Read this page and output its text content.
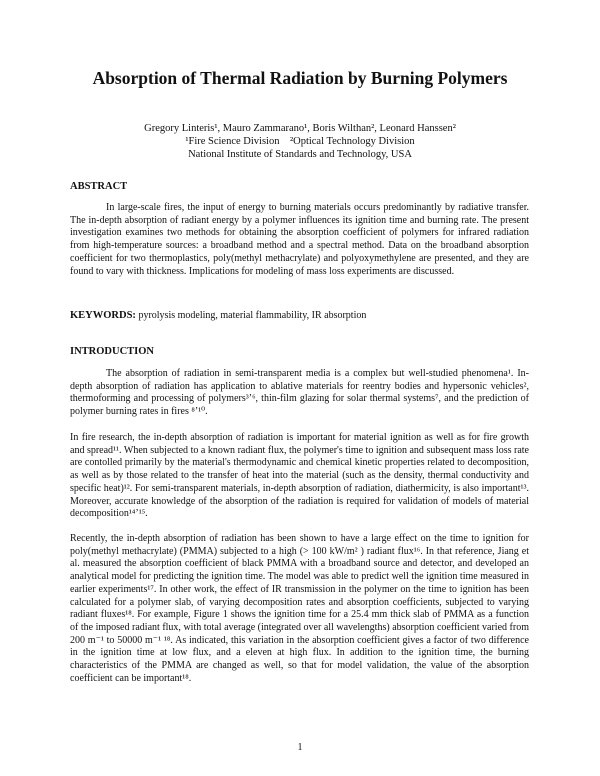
Absorption of Thermal Radiation by Burning Polymers
Gregory Linteris¹, Mauro Zammarano¹, Boris Wilthan², Leonard Hanssen²
¹Fire Science Division    ²Optical Technology Division
National Institute of Standards and Technology, USA
ABSTRACT

In large-scale fires, the input of energy to burning materials occurs predominantly by radiative transfer. The in-depth absorption of radiant energy by a polymer influences its ignition time and burning rate. The present investigation examines two methods for obtaining the absorption coefficient of polymers for infrared radiation from high-temperature sources: a broadband method and a spectral method. Data on the broadband absorption coefficient for two thermoplastics, poly(methyl methacrylate) and polyoxymethylene are presented, and they are found to vary with thickness. Implications for modeling of mass loss experiments are discussed.

KEYWORDS: pyrolysis modeling, material flammability, IR absorption
INTRODUCTION

The absorption of radiation in semi-transparent media is a complex but well-studied phenomena¹. In-depth absorption of radiation has application to ablative materials for reentry bodies and hypersonic vehicles², thermoforming and processing of polymers³ʼ⁶, thin-film glazing for solar thermal systems⁷, and the prediction of polymer burning rates in fires ⁸ʼ¹⁰.

In fire research, the in-depth absorption of radiation is important for material ignition as well as for fire growth and spread¹¹. When subjected to a known radiant flux, the polymer's time to ignition and subsequent mass loss rate are contolled primarily by the material's thermodynamic and chemical kinetic properties related to decomposition, as well as by those related to the transfer of heat into the material (such as the density, thermal conductivity and specific heat)¹². For semi-transparent materials, in-depth absorption of radiation, diathermicity, is also important¹³. Moreover, accurate knowledge of the absorption of the radiation is required for validation of models of material decomposition¹⁴ʼ¹⁵.

Recently, the in-depth absorption of radiation has been shown to have a large effect on the time to ignition for poly(methyl methacrylate) (PMMA) subjected to a high (> 100 kW/m² ) radiant flux¹⁶. In that reference, Jiang et al. measured the absorption coefficient of black PMMA with a broadband source and detector, and developed an analytical model for predicting the ignition time. The model was able to predict well the ignition time measured in earlier experiments¹⁷. In other work, the effect of IR transmission in the polymer on the time to ignition has been calculated for a polymer slab, of varying decomposition rates and absorption coefficients, subjected to varying radiant fluxes¹⁸. For example, Figure 1 shows the ignition time for a 25.4 mm thick slab of PMMA as a function of the imposed radiant flux, with total average (integrated over all wavelengths) absorption coefficient varied from 200 m⁻¹ to 50000 m⁻¹ ¹⁸. As indicated, this variation in the absorption coefficient gives a factor of two difference in the ignition time at low flux, and a eleven at high flux. In addition to the ignition time, the burning characteristics of the PMMA are changed as well, so that for model validation, the value of the absorption coefficient can be important¹⁸.

1
